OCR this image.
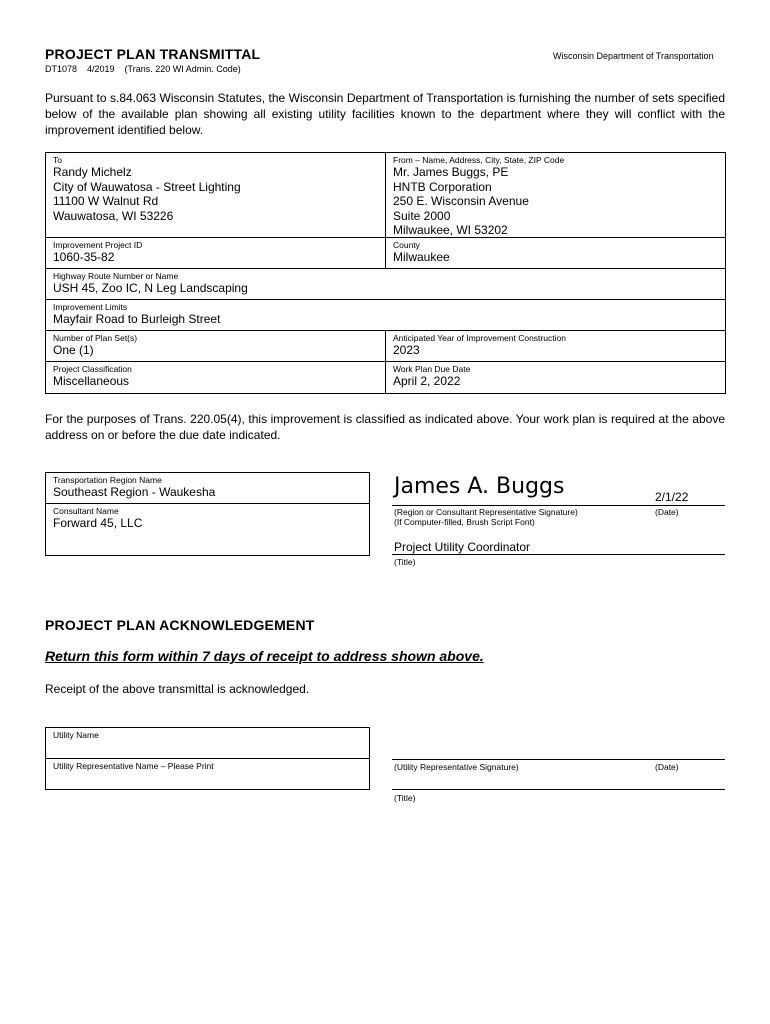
PROJECT PLAN TRANSMITTAL
DT1078    4/2019    (Trans. 220 WI Admin. Code)
Wisconsin Department of Transportation
Pursuant to s.84.063 Wisconsin Statutes, the Wisconsin Department of Transportation is furnishing the number of sets specified below of the available plan showing all existing utility facilities known to the department where they will conflict with the improvement identified below.
To
Randy Michelz
City of Wauwatosa - Street Lighting
11100 W Walnut Rd
Wauwatosa, WI 53226
From – Name, Address, City, State, ZIP Code
Mr. James Buggs, PE
HNTB Corporation
250 E. Wisconsin Avenue
Suite 2000
Milwaukee, WI 53202
Improvement Project ID
1060-35-82
County
Milwaukee
Highway Route Number or Name
USH 45, Zoo IC, N Leg Landscaping
Improvement Limits
Mayfair Road to Burleigh Street
Number of Plan Set(s)
One (1)
Anticipated Year of Improvement Construction
2023
Project Classification
Miscellaneous
Work Plan Due Date
April 2, 2022
For the purposes of Trans. 220.05(4), this improvement is classified as indicated above. Your work plan is required at the above address on or before the due date indicated.
Transportation Region Name
Southeast Region - Waukesha
Consultant Name
Forward 45, LLC
James A. Buggs	2/1/22
(Region or Consultant Representative Signature)
(If Computer-filled, Brush Script Font)
(Date)
Project Utility Coordinator
(Title)
PROJECT PLAN ACKNOWLEDGEMENT
Return this form within 7 days of receipt to address shown above.
Receipt of the above transmittal is acknowledged.
Utility Name
Utility Representative Name – Please Print	(Utility Representative Signature)	(Date)
(Title)
